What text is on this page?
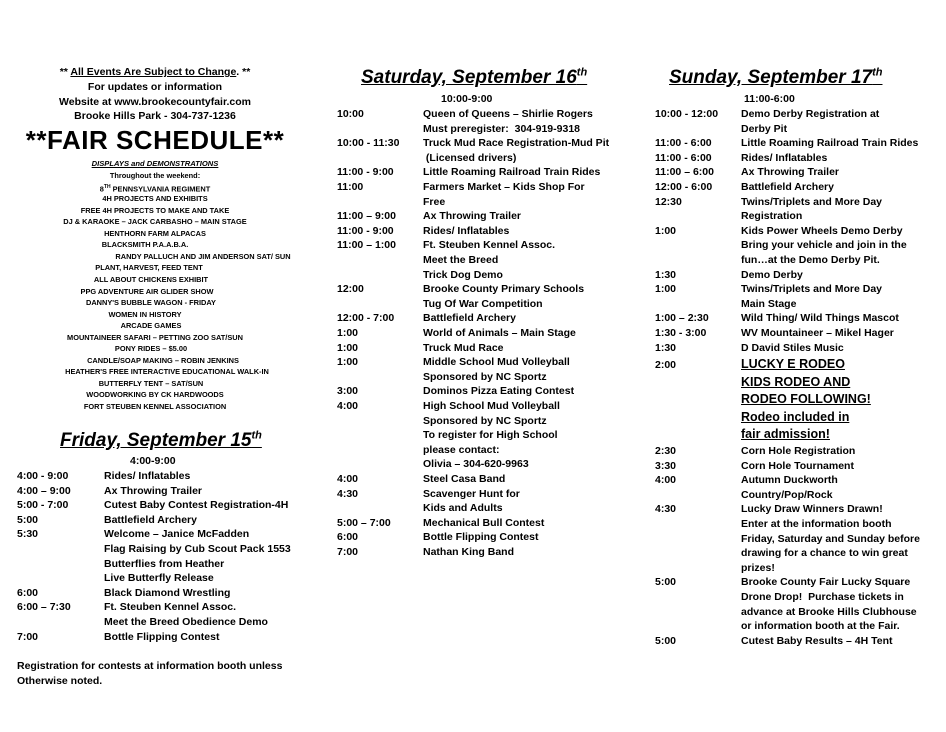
** All Events Are Subject to Change. **
For updates or information
Website at www.brookecountyfair.com
Brooke Hills Park - 304-737-1236
**FAIR SCHEDULE**
DISPLAYS and DEMONSTRATIONS
Throughout the weekend:
8TH PENNSYLVANIA REGIMENT
4H PROJECTS AND EXHIBITS
FREE 4H PROJECTS TO MAKE AND TAKE
DJ & KARAOKE – JACK CARBASHO – MAIN STAGE
HENTHORN FARM ALPACAS
BLACKSMITH P.A.A.B.A.
RANDY PALLUCH AND JIM ANDERSON SAT/ SUN
PLANT, HARVEST, FEED TENT
ALL ABOUT CHICKENS EXHIBIT
PPG ADVENTURE AIR GLIDER SHOW
DANNY'S BUBBLE WAGON - FRIDAY
WOMEN IN HISTORY
ARCADE GAMES
MOUNTAINEER SAFARI – PETTING ZOO SAT/SUN
PONY RIDES – $5.00
CANDLE/SOAP MAKING – ROBIN JENKINS
HEATHER'S FREE INTERACTIVE EDUCATIONAL WALK-IN
BUTTERFLY TENT – SAT/SUN
WOODWORKING BY CK HARDWOODS
FORT STEUBEN KENNEL ASSOCIATION
Friday, September 15th
4:00-9:00
4:00 - 9:00	Rides/ Inflatables
4:00 – 9:00	Ax Throwing Trailer
5:00 - 7:00	Cutest Baby Contest Registration-4H
5:00	Battlefield Archery
5:30	Welcome – Janice McFadden
Flag Raising by Cub Scout Pack 1553
Butterflies from Heather
Live Butterfly Release
6:00	Black Diamond Wrestling
6:00 – 7:30	Ft. Steuben Kennel Assoc.
Meet the Breed Obedience Demo
7:00	Bottle Flipping Contest
Registration for contests at information booth unless
Otherwise noted.
Saturday, September 16th
10:00-9:00
10:00	Queen of Queens – Shirlie Rogers
Must preregister:  304-919-9318
10:00 - 11:30 Truck Mud Race Registration-Mud Pit
(Licensed drivers)
11:00 - 9:00	Little Roaming Railroad Train Rides
11:00	Farmers Market – Kids Shop For
Free
11:00 – 9:00	Ax Throwing Trailer
11:00 - 9:00	Rides/ Inflatables
11:00 – 1:00	Ft. Steuben Kennel Assoc.
Meet the Breed
Trick Dog Demo
12:00	Brooke County Primary Schools
Tug Of War Competition
12:00 - 7:00	Battlefield Archery
1:00	World of Animals – Main Stage
1:00	Truck Mud Race
1:00	Middle School Mud Volleyball
Sponsored by NC Sportz
3:00	Dominos Pizza Eating Contest
4:00	High School Mud Volleyball
Sponsored by NC Sportz
To register for High School
please contact:
Olivia – 304-620-9963
4:00	Steel Casa Band
4:30	Scavenger Hunt for
Kids and Adults
5:00 – 7:00	Mechanical Bull Contest
6:00	Bottle Flipping Contest
7:00	Nathan King Band
Sunday, September 17th
11:00-6:00
10:00 - 12:00 Demo Derby Registration at
Derby Pit
11:00 - 6:00	Little Roaming Railroad Train Rides
11:00 - 6:00	Rides/ Inflatables
11:00 – 6:00	Ax Throwing Trailer
12:00 - 6:00	Battlefield Archery
12:30	Twins/Triplets and More Day
Registration
1:00	Kids Power Wheels Demo Derby
Bring your vehicle and join in the
fun…at the Demo Derby Pit.
1:30	Demo Derby
1:00	Twins/Triplets and More Day
Main Stage
1:00 – 2:30	Wild Thing/ Wild Things Mascot
1:30 - 3:00	WV Mountaineer – Mikel Hager
1:30	D David Stiles Music
2:00	LUCKY E RODEO
KIDS RODEO AND
RODEO FOLLOWING!
Rodeo included in
fair admission!
2:30	Corn Hole Registration
3:30	Corn Hole Tournament
4:00	Autumn Duckworth
Country/Pop/Rock
4:30	Lucky Draw Winners Drawn!
Enter at the information booth
Friday, Saturday and Sunday before
drawing for a chance to win great
prizes!
5:00	Brooke County Fair Lucky Square
Drone Drop!  Purchase tickets in
advance at Brooke Hills Clubhouse
or information booth at the Fair.
5:00	Cutest Baby Results – 4H Tent
